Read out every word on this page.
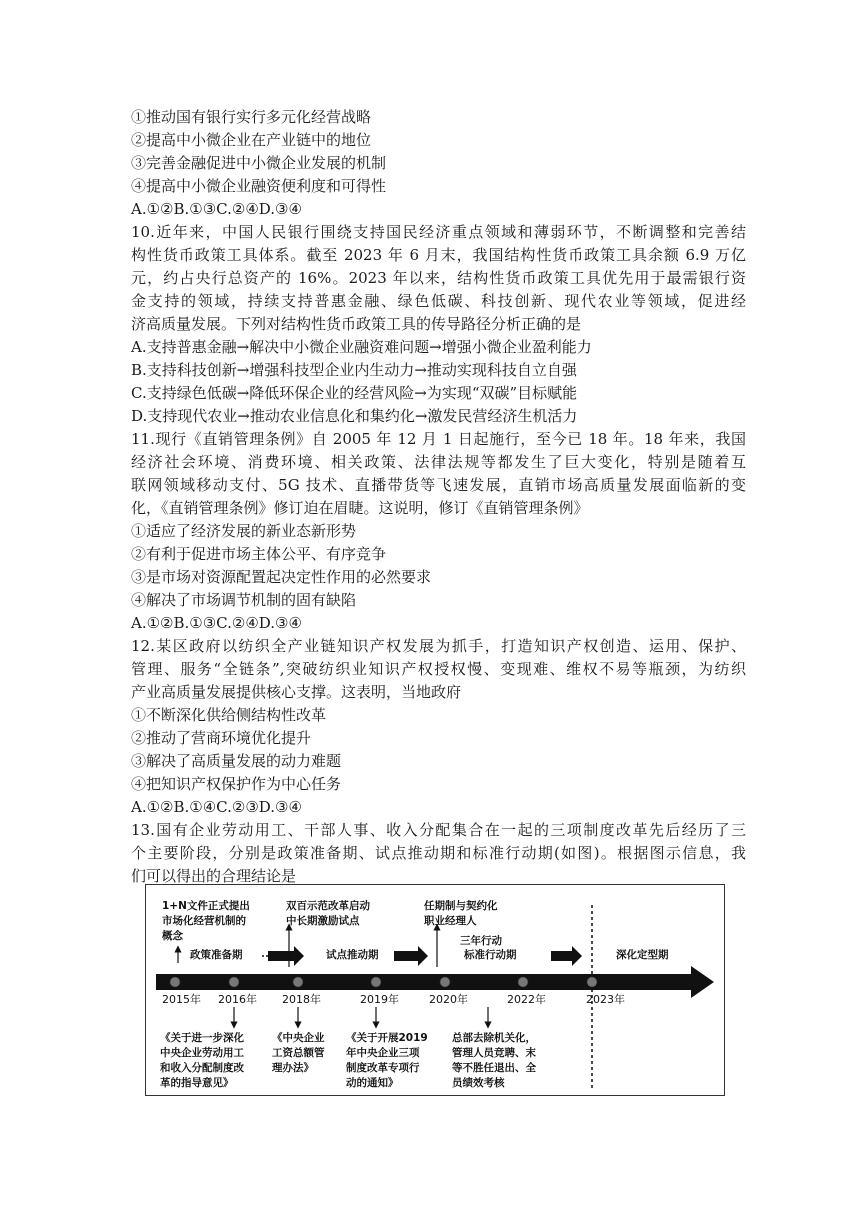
①推动国有银行实行多元化经营战略
②提高中小微企业在产业链中的地位
③完善金融促进中小微企业发展的机制
④提高中小微企业融资便利度和可得性
A.①②B.①③C.②④D.③④
10.近年来，中国人民银行围绕支持国民经济重点领域和薄弱环节，不断调整和完善结
构性货币政策工具体系。截至 2023 年 6 月末，我国结构性货币政策工具余额 6.9 万亿
元，约占央行总资产的 16%。2023 年以来，结构性货币政策工具优先用于最需银行资
金支持的领域，持续支持普惠金融、绿色低碳、科技创新、现代农业等领域，促进经
济高质量发展。下列对结构性货币政策工具的传导路径分析正确的是
A.支持普惠金融→解决中小微企业融资难问题→增强小微企业盈利能力
B.支持科技创新→增强科技型企业内生动力→推动实现科技自立自强
C.支持绿色低碳→降低环保企业的经营风险→为实现“双碳”目标赋能
D.支持现代农业→推动农业信息化和集约化→激发民营经济生机活力
11.现行《直销管理条例》自 2005 年 12 月 1 日起施行，至今已 18 年。18 年来，我国
经济社会环境、消费环境、相关政策、法律法规等都发生了巨大变化，特别是随着互
联网领域移动支付、5G 技术、直播带货等飞速发展，直销市场高质量发展面临新的变
化，《直销管理条例》修订迫在眉睫。这说明，修订《直销管理条例》
①适应了经济发展的新业态新形势
②有利于促进市场主体公平、有序竞争
③是市场对资源配置起决定性作用的必然要求
④解决了市场调节机制的固有缺陷
A.①②B.①③C.②④D.③④
12.某区政府以纺织全产业链知识产权发展为抓手，打造知识产权创造、运用、保护、
管理、服务“全链条”,突破纺织业知识产权授权慢、变现难、维权不易等瓶颈，为纺织
产业高质量发展提供核心支撑。这表明，当地政府
①不断深化供给侧结构性改革
②推动了营商环境优化提升
③解决了高质量发展的动力难题
④把知识产权保护作为中心任务
A.①②B.①④C.②③D.③④
13.国有企业劳动用工、干部人事、收入分配集合在一起的三项制度改革先后经历了三
个主要阶段，分别是政策准备期、试点推动期和标准行动期(如图)。根据图示信息，我
们可以得出的合理结论是
1+N文件正式提出
市场化经营机制的
概念
双百示范改革启动
中长期激励试点
任期制与契约化
职业经理人
三年行动
政策准备期	试点推动期	标准行动期	深化定型期
2015年 2016年 2018年	2019年	2020年	2022年	2023年
《关于进一步深化
中央企业劳动用工
和收入分配制度改
革的指导意见》
《中央企业
工资总额管
理办法》
《关于开展2019
年中央企业三项
制度改革专项行
动的通知》
总部去除机关化，
管理人员竞聘、末
等不胜任退出、全
员绩效考核
